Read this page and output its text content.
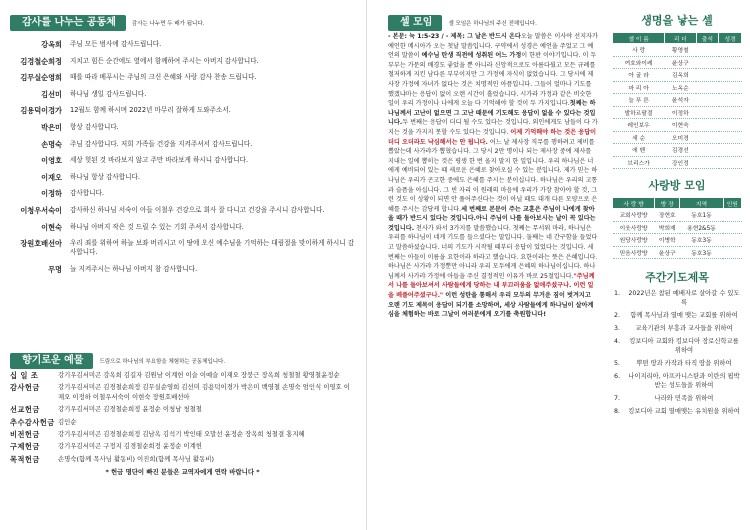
감사를 나누는 공동체	감사는 나누면 두 배가 됩니다.
강옥희	주님 모든 범사에 감사드립니다.
김경철순희정	지치고 힘든 순간에도 옆에서 함께하여 주시는 아버지 감사합니다.
김무실순영희	때를 따라 베푸시는 주님의 크신 은혜와 사랑 감사 찬송 드립니다.
김선미	하나님 생일 감사드립니다.
김용덕이경가	12월도 함께 하시며 2022년 마무리 잘하게 도와주소서.
박은미	항상 감사합니다.
손명숙	주님 감사합니다. 저희 가족들 건강을 지켜주셔서 감사드립니다.
이영호	세상 헛된 것 바라보지 않고 주만 바라보게 하시니 감사합니다.
이재오	하나님 항상 감사합니다.
이정하	감사합니다.
이청우서숙이	감사하신 하나님 서숙이 아들 이철우 건강으로 회사 잘 다니고 건강을 주시니 감사합니다.
이현숙	하나님 아버지 작은 것 드릴 수 있는 기회 주셔서 감사합니다.
장원호배선아	우리 죄를 위하여 하늘 보좌 버리시고 이 땅에 오신 예수님을 기억하는 대림절을 맞이하게 하시니 감사합니다.
무명	늘 지켜주시는 하나님 아버지 참 감사합니다.
향기로운 예물	드림으로 하나님의 부요함을 체험하는 공동체입니다.
십 일 조	강기우김서미곤 강옥희 김길자 김원남 이계헌 이슬 이예슬 이재오 장붕근 장옥희 청철철 황영철윤정순
감사헌금	강기우김서미곤 김경철순희정 김무실순영희 김선미 김용덕이경가 박은미 백영철 손명숙 엄인식 이영호 이재오 이정하 이철우서숙이 이현숙 장원호배선아
선교헌금	강기우김서미곤 김경철순희정 윤정순 이청남 청철철
추수감사헌금 김인순
비전헌금	강기우김서미곤 김경철순희정 김남옥 김석기 박인태 오말선 윤정순 장옥희 청철결 홍지혜
구제헌금	강기우김서미곤 구정지 김경철순희정 윤정순 이계헌
목적헌금	손명숙(함께 목사님 활동비) 이진희(함께 목사님 활동비)
* 헌금 명단이 빠진 분들은 교역자에게 연락 바랍니다 *
셀 모임	셀 모임은 하나님의 주신 전해입니다.
- 본문: 눅 1:5-23 / - 제목: 그 날은 반드시 온다오늘 말씀은 이사야 선지자가 예언한 메시아가 오는 첫날 말씀입니다. 구약에서 성경은 예언을 주었고 그 예언의 말씀이 예수님 탄생 직전에 성취된 어느 가정이 한판 이야기입니다. 이 두 부부는 가문의 배경도 좋았을 뿐 아니라 신앙적으로도 아름다웠고 모든 규례를 철저하게 지킨 남다른 부부이지만 그 가정에 자식이 없었습니다. 그 당시에 제사장 가정에 자녀가 없다는 것은 치명적인 아픔입니다. 그들이 얼마나 기도를 했겠냐마는 응답이 없이 오랜 시간이 흘렀습니다. 시가라 가정과 같은 비슷한 일이 우리 가정이나 나에게 오늘 다 기억해야 할 것이 두 가지입니다.첫째는 하나님께서 고난이 없으면 그 고난 때문에 기도해도 응답이 없을 수 있다는 것입니다.두 번째는 응답이 더디 될 수도 있다는 것입니다. 외인에게도 남들이 다 가지는 것을 가지지 못할 수도 있다는 것입니다. 어제 기억해야 하는 것은 응답이 더디 오더라도 낙심해서는 안 됩니다. 어느 날 제사장 직무를 행하려고 제비를 뽑았는데 사가랴가 뽑혔습니다. 그 당시 2만 명이나 되는 제사장 중에 제사를 지내는 일에 뽑히는 것은 평생 한 번 올지 말지 한 일입니다. 우리 하나님은 너에게 예비되어 있는 때 새로운 은혜로 찾아오실 수 있는 분입니다. 제가 믿는 하나님은 우리가 곤고한 중에도 은혜를 주시는 분이십니다. 하나님은 우리의 고통과 슬픔을 아십니다. 그 빈 자리 이 원래의 마음에 우리가 가장 참아야 할 것, 그런 것도 이 상황이 되면 안 풀어주신다는 것이 아닐 때도 대개 다른 모양으로 은혜를 주시는 감당케 합니다.세 번째로 본문이 주는 교훈은 주님이 나에게 찾아올 때가 반드시 있다는 것입니다.아니 주님이 나를 돌아보시는 날이 꼭 있다는 것입니다. 천사가 와서 3가지를 말씀했습니다. 첫째는 무서워 마라, 하나님은 우리를 하나님이 네게 기도를 들으셨다는 말입니다. 둘째는 네 간구함을 들었다고 말씀하셨습니다. 너의 기도가 시작될 때부터 응답이 있었다는 것입니다. 세 번째는 아들이 이름을 요한이라 하라고 했습니다. 요한이라는 뜻은 은혜입니다. 하나님은 사가랴 가정뿐만 아니라 우리 모두에게 은혜의 하나님이십니다. 하나님께서 사가랴 가정에 아들을 주신 결정적인 이유가 바로 25절입니다."주님께서 나를 돌아보셔서 사람들에게 당하는 내 부끄러움을 없애주셨구나. 이런 일을 베풀어주셨구나." 이런 성탄을 통해서 우리 모두의 무거운 짐이 벗겨지고 오랜 기도 제목이 응답이 되기를 소망하며, 세상 사람들에게 하나님이 살아계심을 체험하는 바로 그날이 여러분에게 오기를 축원합니다!
생명을 낳는 셀
셀 이 름	리 더	출석	성경
사 랑	황영철		
여호와이레	윤상구		
아 굴 라	김옥희		
마 리 아	노옥순		
늘 푸 른	윤석자		
발하르팔절	이정하		
레인보우	이현숙		
새 순	오미경		
에 벤	김경선		
브리스가	강인정		
사랑방 모임
사 랑 방	방 장	지역	인원
교회사랑방	장현호	동호1동	
이웃사랑방	박희재	용현2&5동	
원당사랑방	이병학	동호3동	
믿음사랑방	윤상구	동호3동	
주간기도제목
1.	2022년은 참된 예배자로 살아갈 수 있도록
2.	함께 목사님과 열매 맺는 교회를 위하여
3.	교육기관의 부흥과 교사들을 위하여
4.	킹보디아 교회와 킹보디아 장로신학교를 위하여
5.	뿌떤 땅과 카작과 타직 땅을 위하여
6.	나이지리아, 아프카니스탄과 이란의 핍박받는 성도들을 위하여
7.	나라와 민족을 위하여
8.	킹보디아 교회 열매맺는 유치원을 위하여
